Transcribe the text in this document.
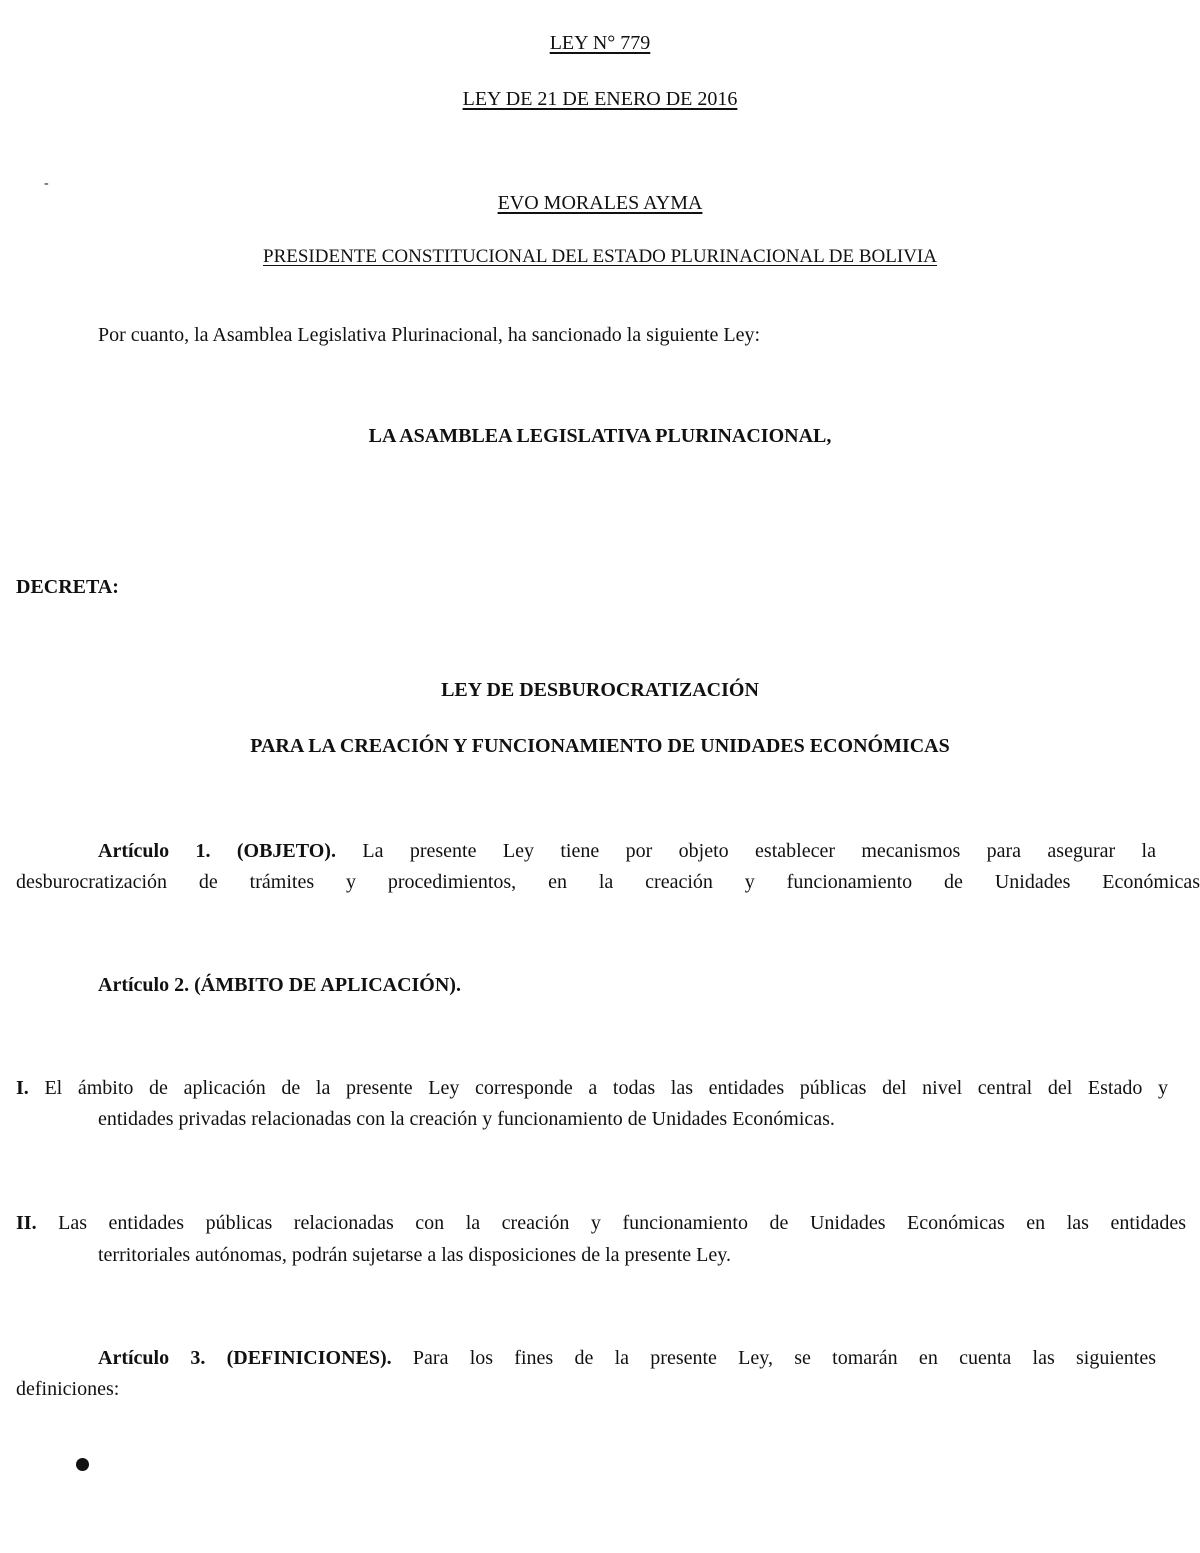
LEY N° 779
LEY DE 21 DE ENERO DE 2016
-
EVO MORALES AYMA
PRESIDENTE CONSTITUCIONAL DEL ESTADO PLURINACIONAL DE BOLIVIA
Por cuanto, la Asamblea Legislativa Plurinacional, ha sancionado la siguiente Ley:
LA ASAMBLEA LEGISLATIVA PLURINACIONAL,
DECRETA:
LEY DE DESBUROCRATIZACIÓN
PARA LA CREACIÓN Y FUNCIONAMIENTO DE UNIDADES ECONÓMICAS
Artículo 1. (OBJETO). La presente Ley tiene por objeto establecer mecanismos para asegurar la
desburocratización de trámites y procedimientos, en la creación y funcionamiento de Unidades Económicas
Artículo 2. (ÁMBITO DE APLICACIÓN).
I. El ámbito de aplicación de la presente Ley corresponde a todas las entidades públicas del nivel central del Estado y
entidades privadas relacionadas con la creación y funcionamiento de Unidades Económicas.
II. Las entidades públicas relacionadas con la creación y funcionamiento de Unidades Económicas en las entidades
territoriales autónomas, podrán sujetarse a las disposiciones de la presente Ley.
Artículo 3. (DEFINICIONES). Para los fines de la presente Ley, se tomarán en cuenta las siguientes
definiciones:
